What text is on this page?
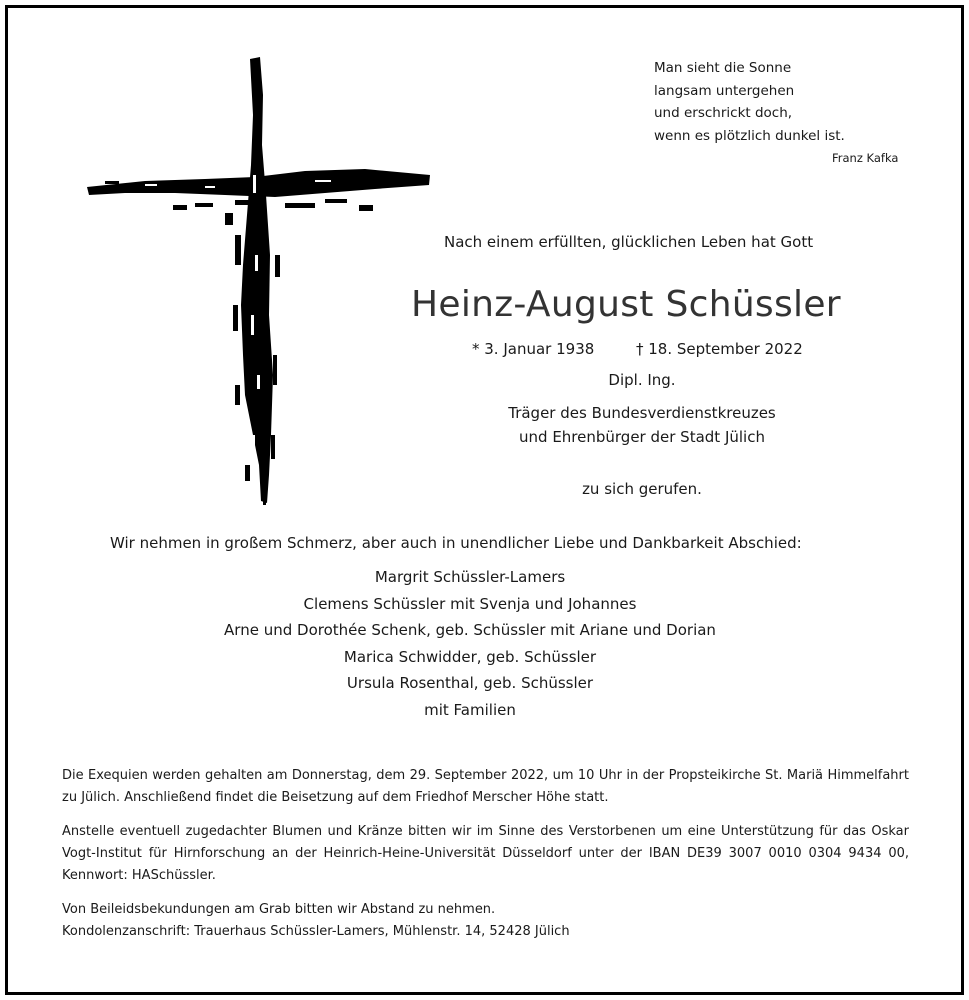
Man sieht die Sonne
langsam untergehen
und erschrickt doch,
wenn es plötzlich dunkel ist.
Franz Kafka
Nach einem erfüllten, glücklichen Leben hat Gott
Heinz-August Schüssler
* 3. Januar 1938	† 18. September 2022
Dipl. Ing.
Träger des Bundesverdienstkreuzes
und Ehrenbürger der Stadt Jülich
zu sich gerufen.
Wir nehmen in großem Schmerz, aber auch in unendlicher Liebe und Dankbarkeit Abschied:
Margrit Schüssler-Lamers
Clemens Schüssler mit Svenja und Johannes
Arne und Dorothée Schenk, geb. Schüssler mit Ariane und Dorian
Marica Schwidder, geb. Schüssler
Ursula Rosenthal, geb. Schüssler
mit Familien
Die Exequien werden gehalten am Donnerstag, dem 29. September 2022, um 10 Uhr in der Propsteikirche St. Mariä Himmelfahrt zu Jülich. Anschließend findet die Beisetzung auf dem Friedhof Merscher Höhe statt.
Anstelle eventuell zugedachter Blumen und Kränze bitten wir im Sinne des Verstorbenen um eine Unterstützung für das Oskar Vogt-Institut für Hirnforschung an der Heinrich-Heine-Universität Düsseldorf unter der IBAN DE39 3007 0010 0304 9434 00, Kennwort: HASchüssler.
Von Beileidsbekundungen am Grab bitten wir Abstand zu nehmen.
Kondolenzanschrift: Trauerhaus Schüssler-Lamers, Mühlenstr. 14, 52428 Jülich
